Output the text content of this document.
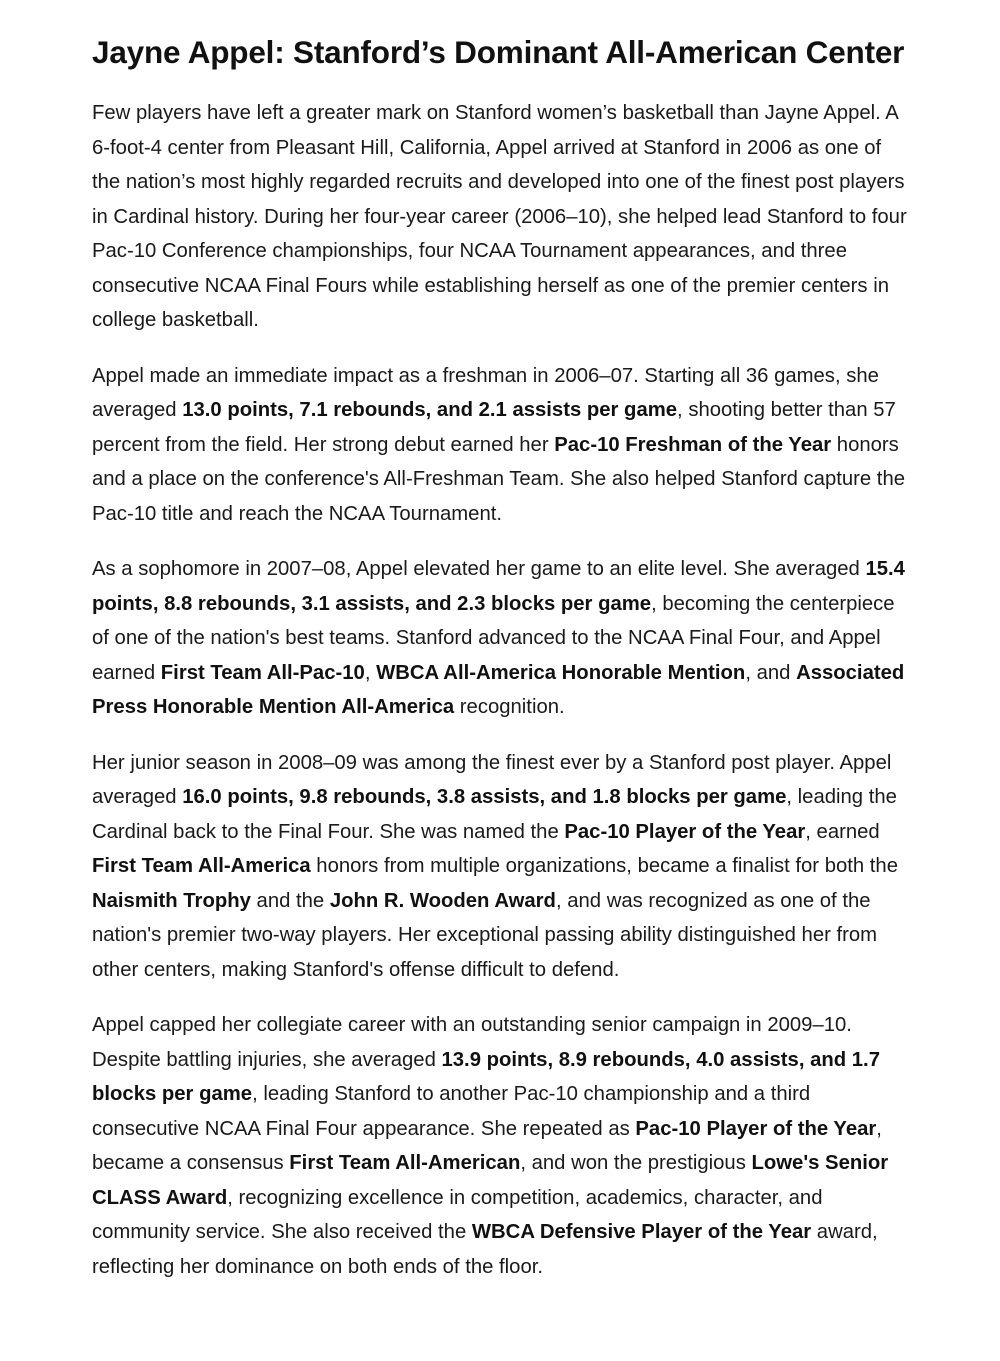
Jayne Appel: Stanford’s Dominant All-American Center

Few players have left a greater mark on Stanford women’s basketball than Jayne Appel. A 6-foot-4 center from Pleasant Hill, California, Appel arrived at Stanford in 2006 as one of the nation’s most highly regarded recruits and developed into one of the finest post players in Cardinal history. During her four-year career (2006–10), she helped lead Stanford to four Pac-10 Conference championships, four NCAA Tournament appearances, and three consecutive NCAA Final Fours while establishing herself as one of the premier centers in college basketball.

Appel made an immediate impact as a freshman in 2006–07. Starting all 36 games, she averaged 13.0 points, 7.1 rebounds, and 2.1 assists per game, shooting better than 57 percent from the field. Her strong debut earned her Pac-10 Freshman of the Year honors and a place on the conference's All-Freshman Team. She also helped Stanford capture the Pac-10 title and reach the NCAA Tournament.

As a sophomore in 2007–08, Appel elevated her game to an elite level. She averaged 15.4 points, 8.8 rebounds, 3.1 assists, and 2.3 blocks per game, becoming the centerpiece of one of the nation's best teams. Stanford advanced to the NCAA Final Four, and Appel earned First Team All-Pac-10, WBCA All-America Honorable Mention, and Associated Press Honorable Mention All-America recognition.

Her junior season in 2008–09 was among the finest ever by a Stanford post player. Appel averaged 16.0 points, 9.8 rebounds, 3.8 assists, and 1.8 blocks per game, leading the Cardinal back to the Final Four. She was named the Pac-10 Player of the Year, earned First Team All-America honors from multiple organizations, became a finalist for both the Naismith Trophy and the John R. Wooden Award, and was recognized as one of the nation's premier two-way players. Her exceptional passing ability distinguished her from other centers, making Stanford's offense difficult to defend.

Appel capped her collegiate career with an outstanding senior campaign in 2009–10. Despite battling injuries, she averaged 13.9 points, 8.9 rebounds, 4.0 assists, and 1.7 blocks per game, leading Stanford to another Pac-10 championship and a third consecutive NCAA Final Four appearance. She repeated as Pac-10 Player of the Year, became a consensus First Team All-American, and won the prestigious Lowe's Senior CLASS Award, recognizing excellence in competition, academics, character, and community service. She also received the WBCA Defensive Player of the Year award, reflecting her dominance on both ends of the floor.
